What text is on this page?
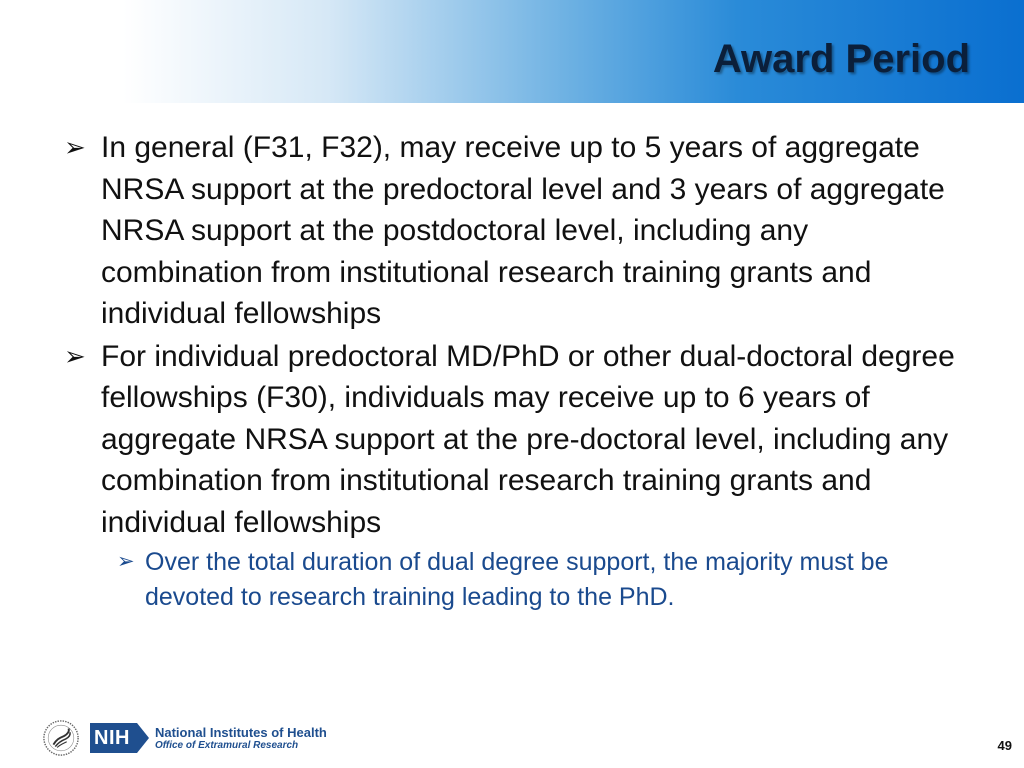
Award Period
➢ In general (F31, F32), may receive up to 5 years of aggregate NRSA support at the predoctoral level and 3 years of aggregate NRSA support at the postdoctoral level, including any combination from institutional research training grants and individual fellowships
➢ For individual predoctoral MD/PhD or other dual-doctoral degree fellowships (F30), individuals may receive up to 6 years of aggregate NRSA support at the pre-doctoral level, including any combination from institutional research training grants and individual fellowships
➢ Over the total duration of dual degree support, the majority must be devoted to research training leading to the PhD.
NIH	National Institutes of Health
Office of Extramural Research	49
